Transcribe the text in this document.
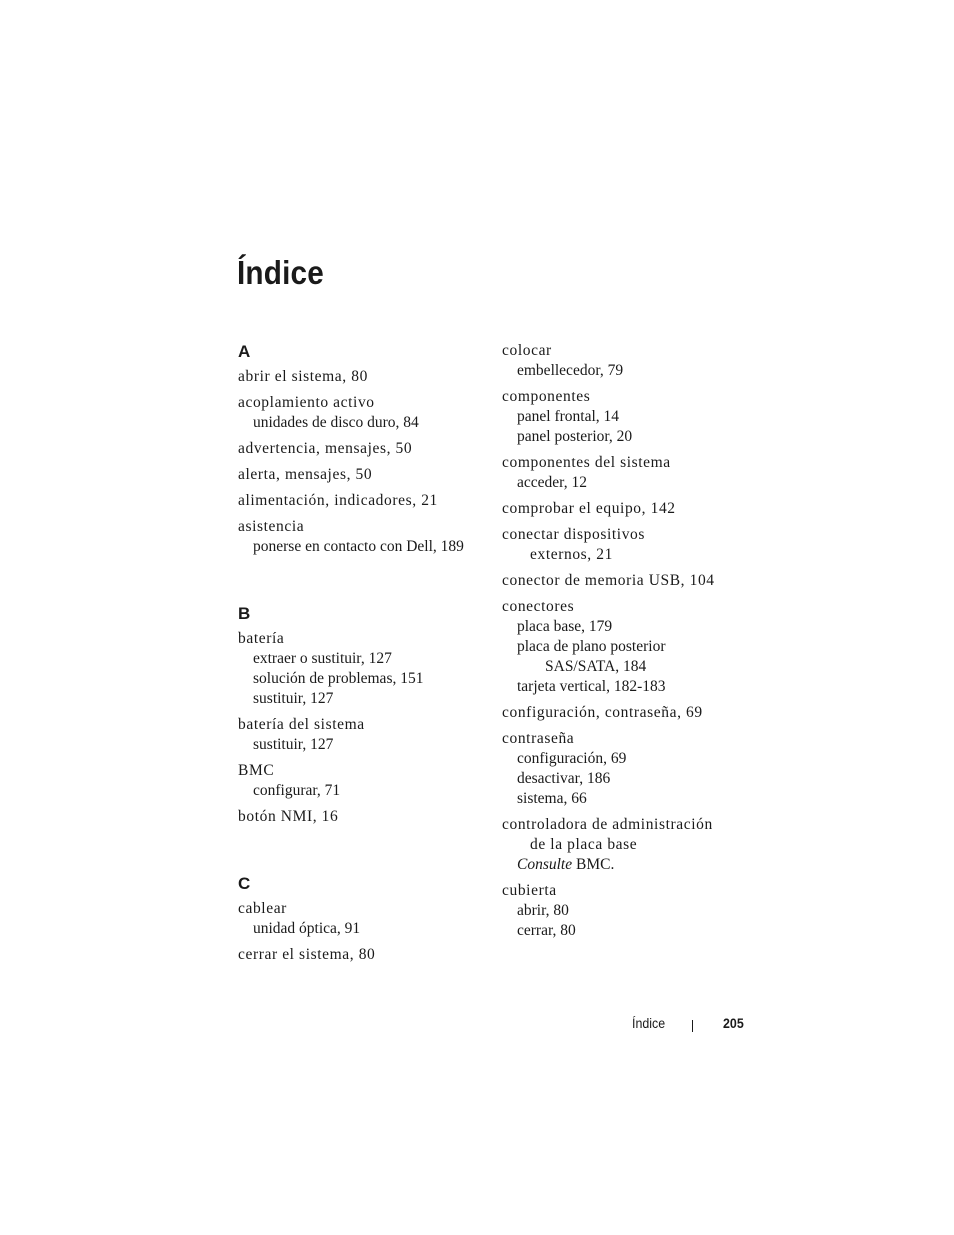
Índice
A
abrir el sistema, 80
acoplamiento activo
unidades de disco duro, 84
advertencia, mensajes, 50
alerta, mensajes, 50
alimentación, indicadores, 21
asistencia
ponerse en contacto con Dell, 189
B
batería
extraer o sustituir, 127
solución de problemas, 151
sustituir, 127
batería del sistema
sustituir, 127
BMC
configurar, 71
botón NMI, 16
C
cablear
unidad óptica, 91
cerrar el sistema, 80
colocar
embellecedor, 79
componentes
panel frontal, 14
panel posterior, 20
componentes del sistema
acceder, 12
comprobar el equipo, 142
conectar dispositivos
externos, 21
conector de memoria USB, 104
conectores
placa base, 179
placa de plano posterior
SAS/SATA, 184
tarjeta vertical, 182-183
configuración, contraseña, 69
contraseña
configuración, 69
desactivar, 186
sistema, 66
controladora de administración
de la placa base
Consulte BMC.
cubierta
abrir, 80
cerrar, 80
Índice	205
